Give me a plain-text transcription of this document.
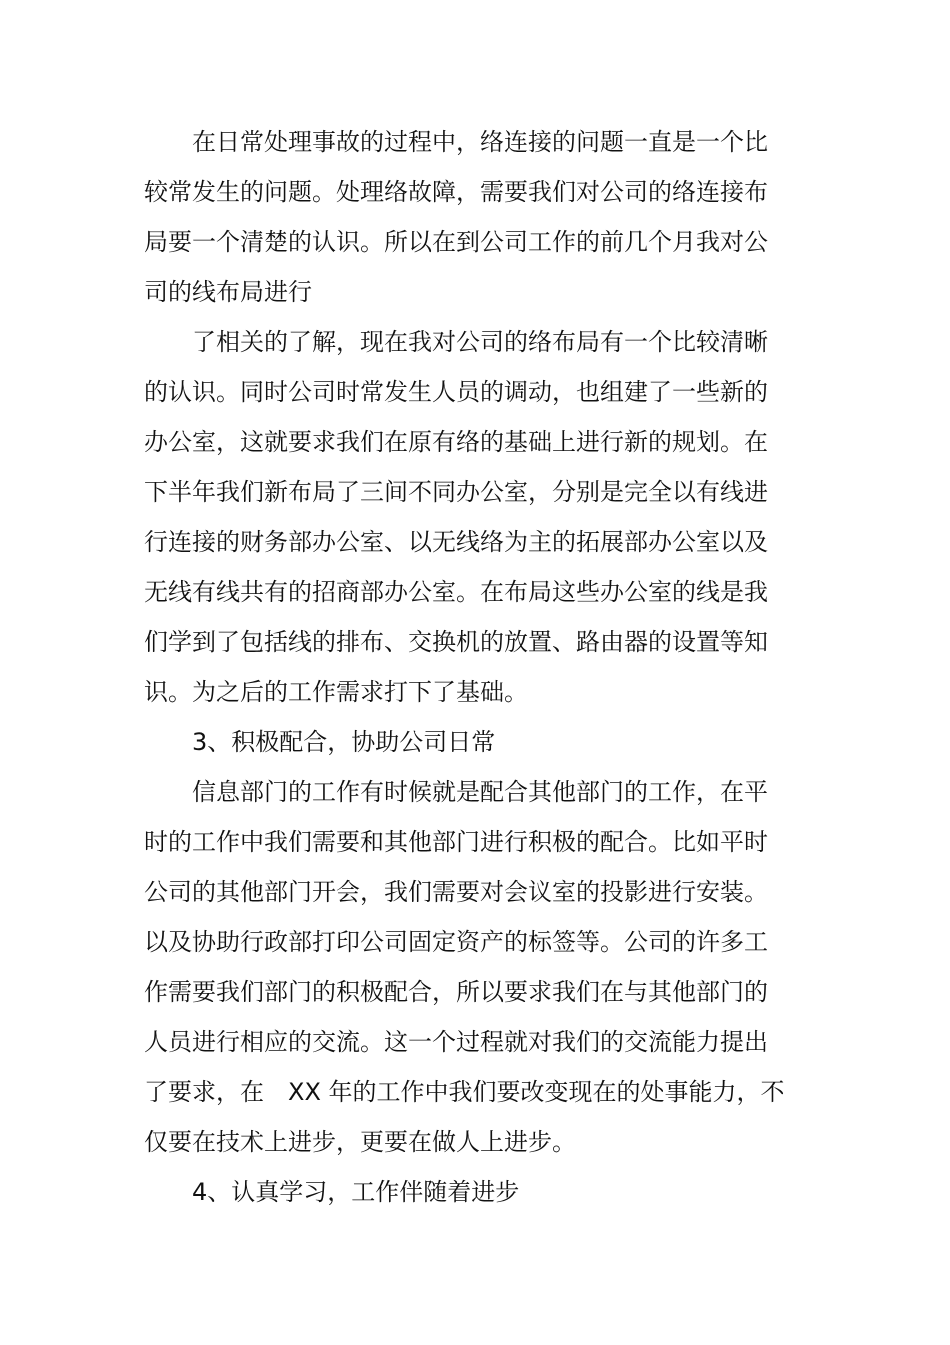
在日常处理事故的过程中，络连接的问题一直是一个比
较常发生的问题。处理络故障，需要我们对公司的络连接布
局要一个清楚的认识。所以在到公司工作的前几个月我对公
司的线布局进行
了相关的了解，现在我对公司的络布局有一个比较清晰
的认识。同时公司时常发生人员的调动，也组建了一些新的
办公室，这就要求我们在原有络的基础上进行新的规划。在
下半年我们新布局了三间不同办公室，分别是完全以有线进
行连接的财务部办公室、以无线络为主的拓展部办公室以及
无线有线共有的招商部办公室。在布局这些办公室的线是我
们学到了包括线的排布、交换机的放置、路由器的设置等知
识。为之后的工作需求打下了基础。
3、积极配合，协助公司日常
信息部门的工作有时候就是配合其他部门的工作，在平
时的工作中我们需要和其他部门进行积极的配合。比如平时
公司的其他部门开会，我们需要对会议室的投影进行安装。
以及协助行政部打印公司固定资产的标签等。公司的许多工
作需要我们部门的积极配合，所以要求我们在与其他部门的
人员进行相应的交流。这一个过程就对我们的交流能力提出
了要求，在　XX 年的工作中我们要改变现在的处事能力，不
仅要在技术上进步，更要在做人上进步。
4、认真学习，工作伴随着进步
